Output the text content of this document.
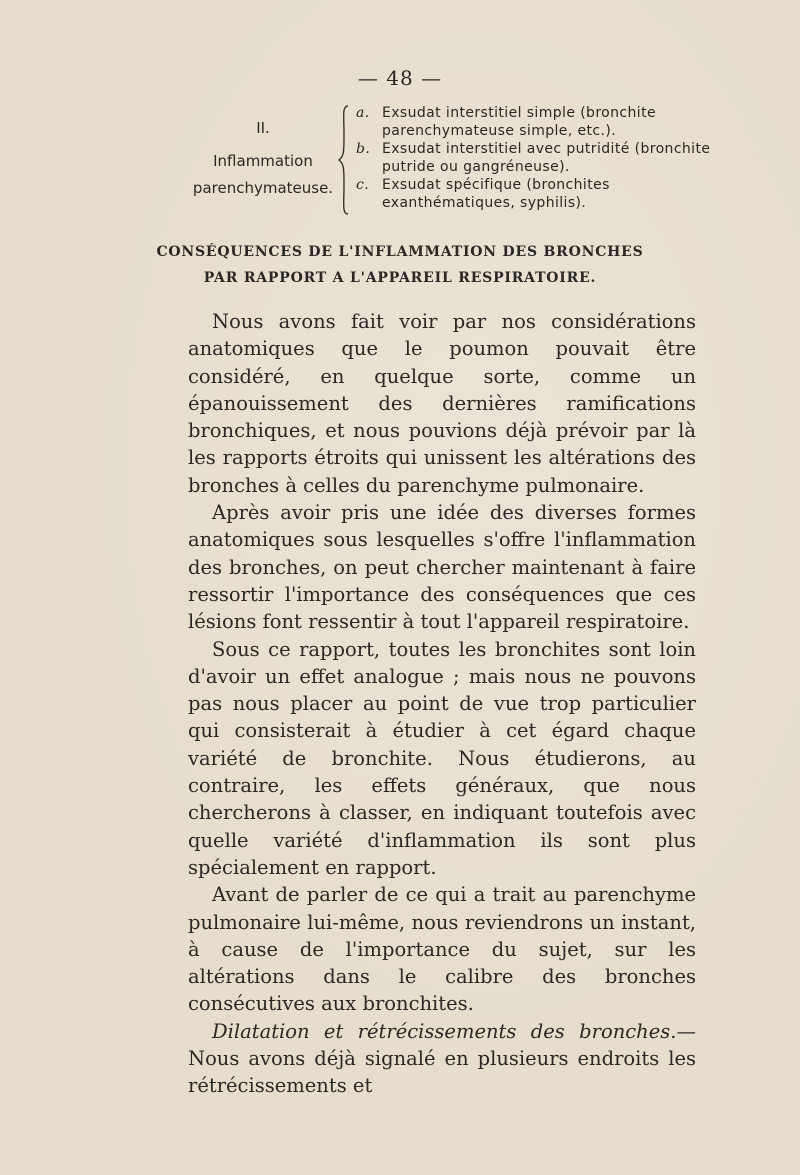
— 48 —
II.
Inflammation
parenchymateuse.
a. Exsudat interstitiel simple (bronchite parenchymateuse simple, etc.).
b. Exsudat interstitiel avec putridité (bronchite putride ou gangréneuse).
c. Exsudat spécifique (bronchites exanthématiques, syphilis).
CONSÉQUENCES DE L'INFLAMMATION DES BRONCHES
PAR RAPPORT A L'APPAREIL RESPIRATOIRE.

Nous avons fait voir par nos considérations anatomiques que le poumon pouvait être considéré, en quelque sorte, comme un épanouissement des dernières ramifications bronchiques, et nous pouvions déjà prévoir par là les rapports étroits qui unissent les altérations des bronches à celles du parenchyme pulmonaire.

Après avoir pris une idée des diverses formes anatomiques sous lesquelles s'offre l'inflammation des bronches, on peut chercher maintenant à faire ressortir l'importance des conséquences que ces lésions font ressentir à tout l'appareil respiratoire.

Sous ce rapport, toutes les bronchites sont loin d'avoir un effet analogue ; mais nous ne pouvons pas nous placer au point de vue trop particulier qui consisterait à étudier à cet égard chaque variété de bronchite. Nous étudierons, au contraire, les effets généraux, que nous chercherons à classer, en indiquant toutefois avec quelle variété d'inflammation ils sont plus spécialement en rapport.

Avant de parler de ce qui a trait au parenchyme pulmonaire lui-même, nous reviendrons un instant, à cause de l'importance du sujet, sur les altérations dans le calibre des bronches consécutives aux bronchites.

Dilatation et rétrécissements des bronches.—Nous avons déjà signalé en plusieurs endroits les rétrécissements et
